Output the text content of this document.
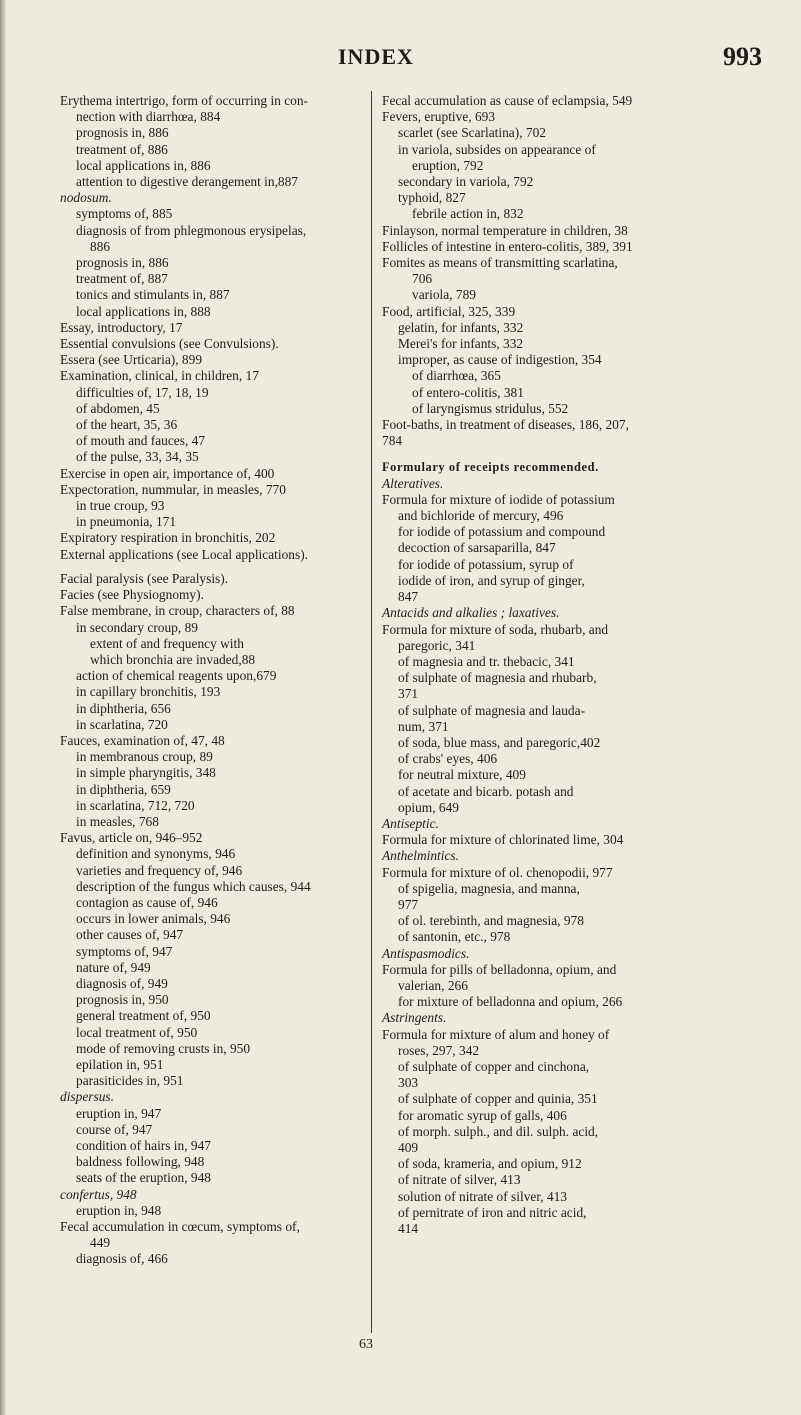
INDEX	993
Erythema intertrigo, form of occurring in con-
nection with diarrhœa, 884
prognosis in, 886
treatment of, 886
local applications in, 886
attention to digestive derangement in,887
nodosum.
symptoms of, 885
diagnosis of from phlegmonous erysipelas,
886
prognosis in, 886
treatment of, 887
tonics and stimulants in, 887
local applications in, 888
Essay, introductory, 17
Essential convulsions (see Convulsions).
Essera (see Urticaria), 899
Examination, clinical, in children, 17
difficulties of, 17, 18, 19
of abdomen, 45
of the heart, 35, 36
of mouth and fauces, 47
of the pulse, 33, 34, 35
Exercise in open air, importance of, 400
Expectoration, nummular, in measles, 770
in true croup, 93
in pneumonia, 171
Expiratory respiration in bronchitis, 202
External applications (see Local applications).
Facial paralysis (see Paralysis).
Facies (see Physiognomy).
False membrane, in croup, characters of, 88
in secondary croup, 89
extent of and frequency with
which bronchia are invaded,88
action of chemical reagents upon,679
in capillary bronchitis, 193
in diphtheria, 656
in scarlatina, 720
Fauces, examination of, 47, 48
in membranous croup, 89
in simple pharyngitis, 348
in diphtheria, 659
in scarlatina, 712, 720
in measles, 768
Favus, article on, 946–952
definition and synonyms, 946
varieties and frequency of, 946
description of the fungus which causes, 944
contagion as cause of, 946
occurs in lower animals, 946
other causes of, 947
symptoms of, 947
nature of, 949
diagnosis of, 949
prognosis in, 950
general treatment of, 950
local treatment of, 950
mode of removing crusts in, 950
epilation in, 951
parasiticides in, 951
dispersus.
eruption in, 947
course of, 947
condition of hairs in, 947
baldness following, 948
seats of the eruption, 948
confertus, 948
eruption in, 948
Fecal accumulation in cœcum, symptoms of,
449
diagnosis of, 466
Fecal accumulation as cause of eclampsia, 549
Fevers, eruptive, 693
scarlet (see Scarlatina), 702
in variola, subsides on appearance of
eruption, 792
secondary in variola, 792
typhoid, 827
febrile action in, 832
Finlayson, normal temperature in children, 38
Follicles of intestine in entero-colitis, 389, 391
Fomites as means of transmitting scarlatina,
706
variola, 789
Food, artificial, 325, 339
gelatin, for infants, 332
Merei's for infants, 332
improper, as cause of indigestion, 354
of diarrhœa, 365
of entero-colitis, 381
of laryngismus stridulus, 552
Foot-baths, in treatment of diseases, 186, 207,
784
Formulary of receipts recommended.
Alteratives.
Formula for mixture of iodide of potassium
and bichloride of mercury, 496
for iodide of potassium and compound
decoction of sarsaparilla, 847
for iodide of potassium, syrup of
iodide of iron, and syrup of ginger,
847
Antacids and alkalies ; laxatives.
Formula for mixture of soda, rhubarb, and
paregoric, 341
of magnesia and tr. thebacic, 341
of sulphate of magnesia and rhubarb,
371
of sulphate of magnesia and lauda-
num, 371
of soda, blue mass, and paregoric,402
of crabs' eyes, 406
for neutral mixture, 409
of acetate and bicarb. potash and
opium, 649
Antiseptic.
Formula for mixture of chlorinated lime, 304
Anthelmintics.
Formula for mixture of ol. chenopodii, 977
of spigelia, magnesia, and manna,
977
of ol. terebinth, and magnesia, 978
of santonin, etc., 978
Antispasmodics.
Formula for pills of belladonna, opium, and
valerian, 266
for mixture of belladonna and opium, 266
Astringents.
Formula for mixture of alum and honey of
roses, 297, 342
of sulphate of copper and cinchona,
303
of sulphate of copper and quinia, 351
for aromatic syrup of galls, 406
of morph. sulph., and dil. sulph. acid,
409
of soda, krameria, and opium, 912
of nitrate of silver, 413
solution of nitrate of silver, 413
of pernitrate of iron and nitric acid,
414
63
